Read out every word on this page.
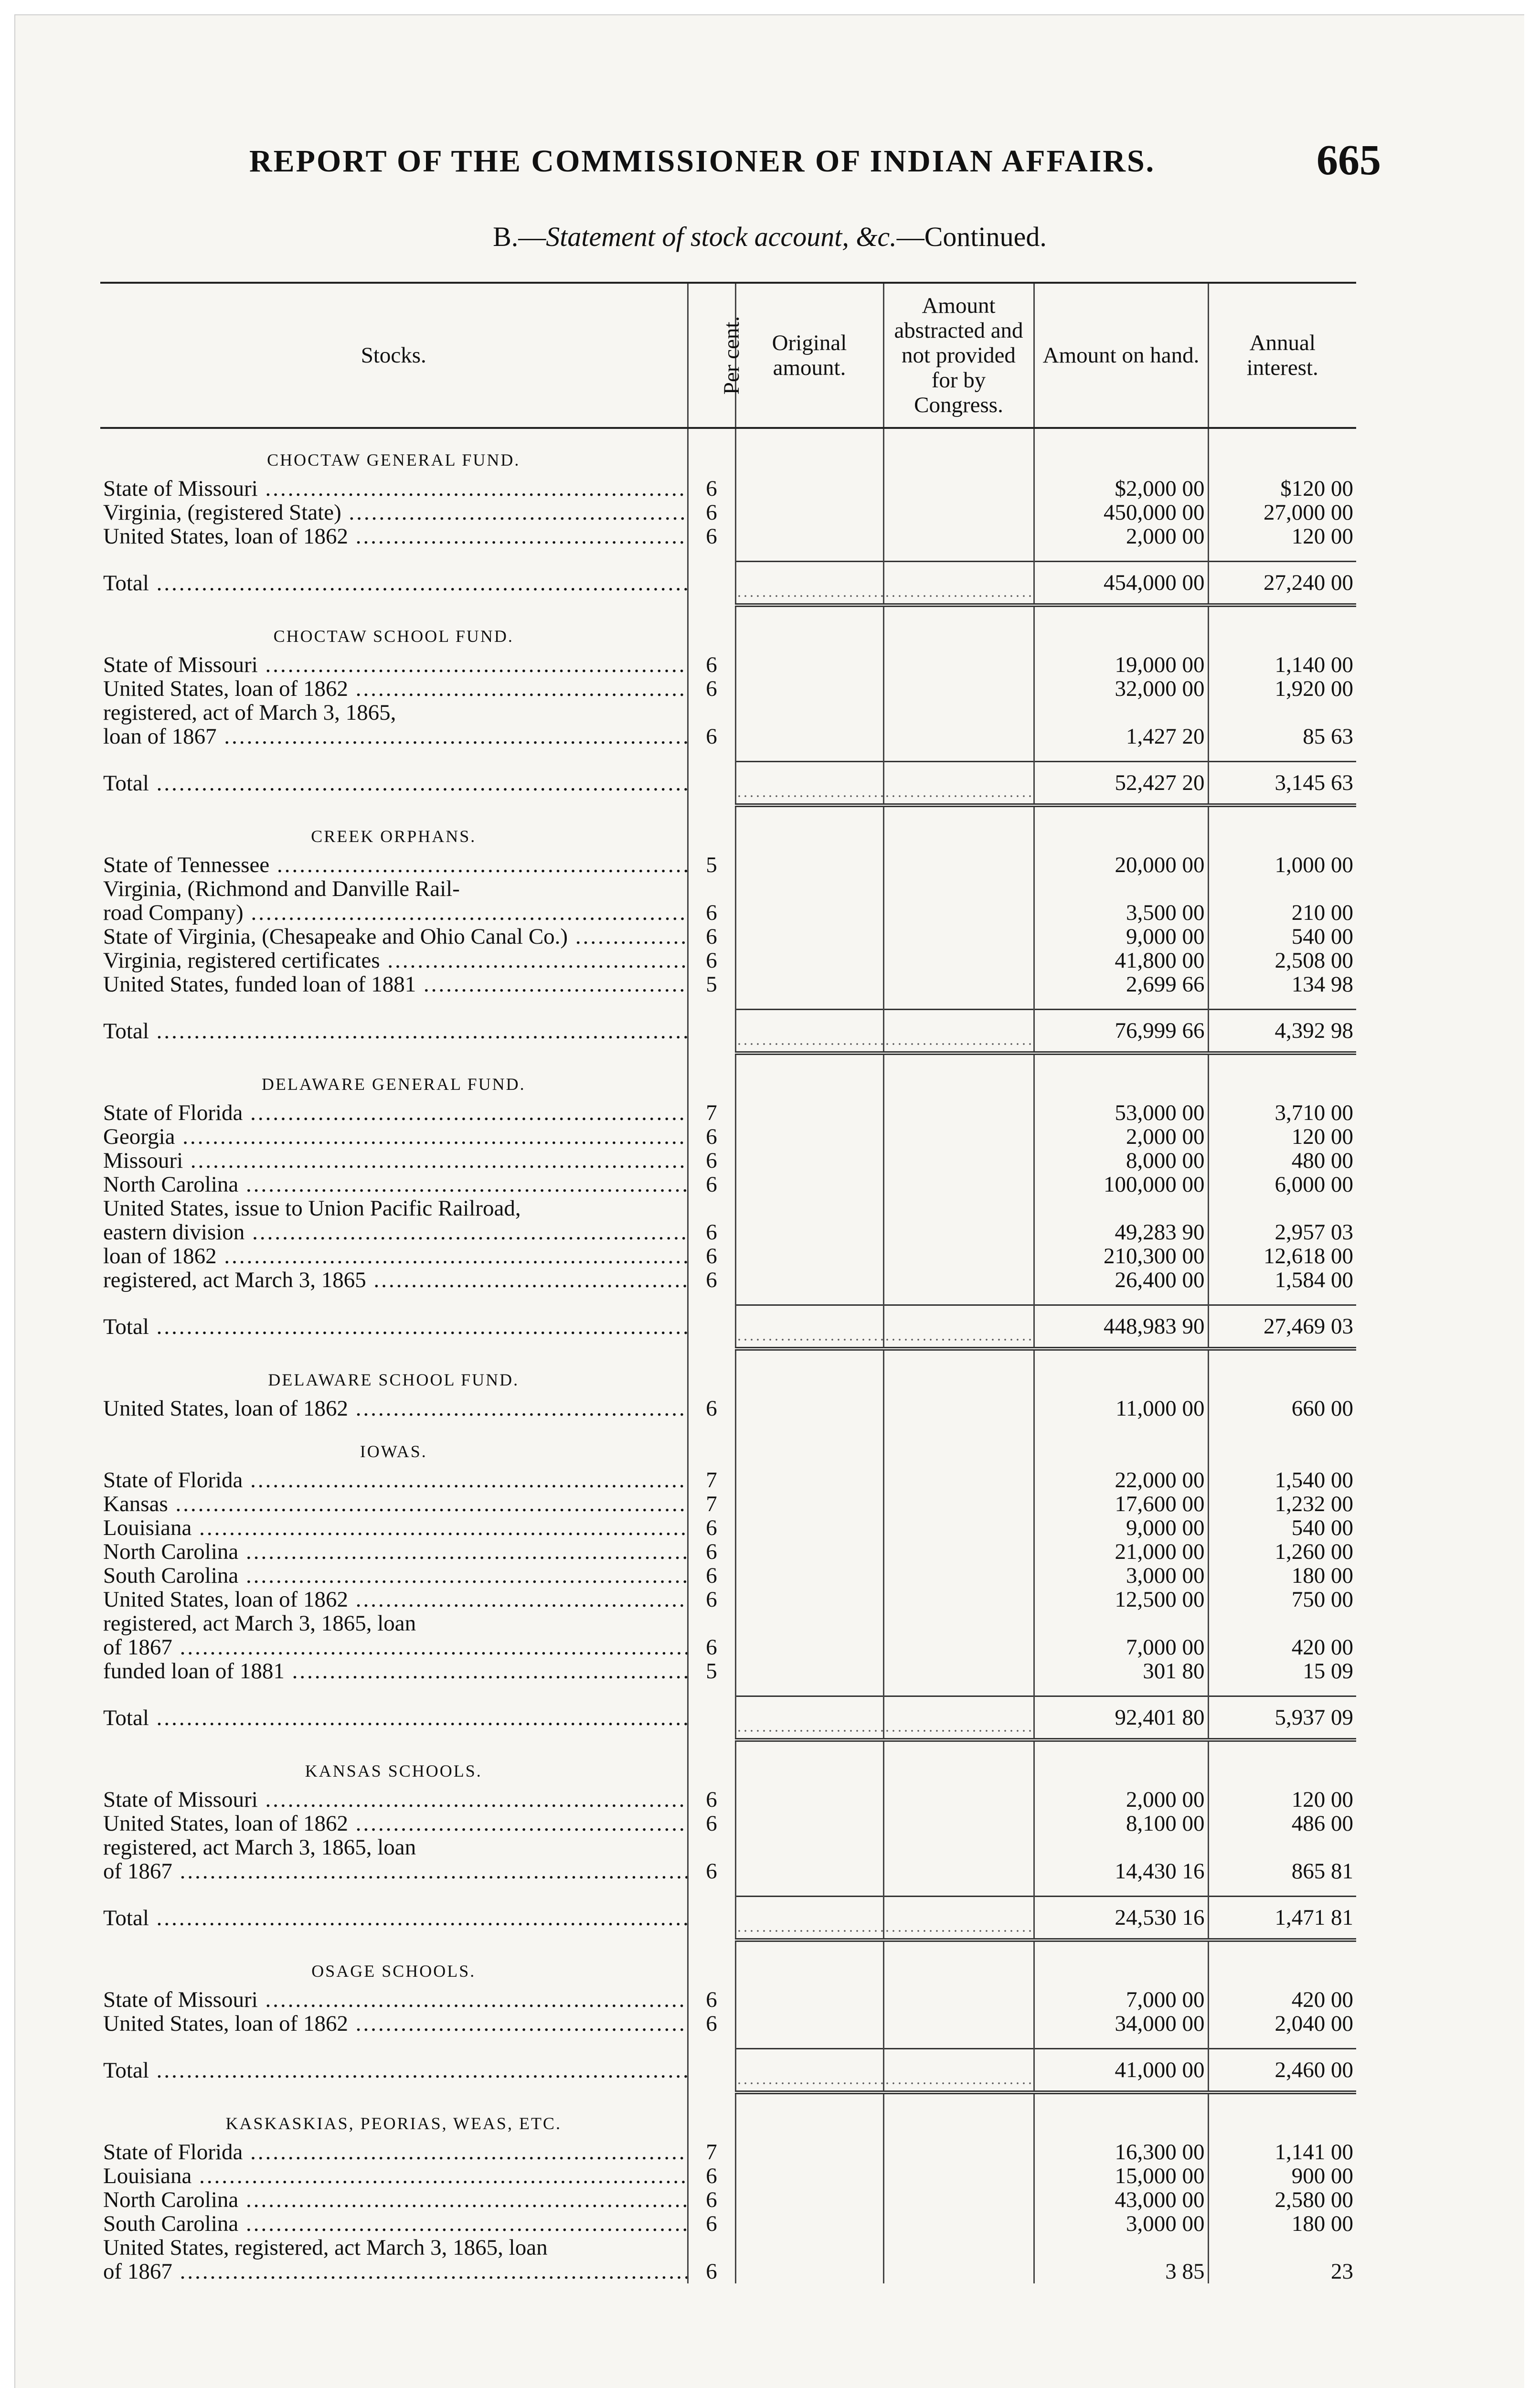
REPORT OF THE COMMISSIONER OF INDIAN AFFAIRS.	665
B.—Statement of stock account, &c.—Continued.
Stocks.	Per cent.	Original amount.	Amount abstracted and not provided for by Congress.	Amount on hand.	Annual interest.
CHOCTAW GENERAL FUND.					
State of Missouri .....	6			$2,000 00	$120 00
Virginia, (registered State) .....	6			450,000 00	27,000 00
United States, loan of 1862 .....	6			2,000 00	120 00

Total .....				454,000 00	27,240 00
CHOCTAW SCHOOL FUND.					
State of Missouri .....	6			19,000 00	1,140 00
United States, loan of 1862 .....	6			32,000 00	1,920 00
registered, act of March 3, 1865,					
loan of 1867 .....	6			1,427 20	85 63

Total .....				52,427 20	3,145 63
CREEK ORPHANS.					
State of Tennessee .....	5			20,000 00	1,000 00
Virginia, (Richmond and Danville Rail-					
road Company) .....	6			3,500 00	210 00
State of Virginia, (Chesapeake and Ohio Canal Co.) .....	6			9,000 00	540 00
Virginia, registered certificates .....	6			41,800 00	2,508 00
United States, funded loan of 1881 .....	5			2,699 66	134 98

Total .....				76,999 66	4,392 98
DELAWARE GENERAL FUND.					
State of Florida .....	7			53,000 00	3,710 00
Georgia .....	6			2,000 00	120 00
Missouri .....	6			8,000 00	480 00
North Carolina .....	6			100,000 00	6,000 00
United States, issue to Union Pacific Railroad,					
eastern division .....	6			49,283 90	2,957 03
loan of 1862 .....	6			210,300 00	12,618 00
registered, act March 3, 1865 .....	6			26,400 00	1,584 00

Total .....				448,983 90	27,469 03
DELAWARE SCHOOL FUND.					
United States, loan of 1862 .....	6			11,000 00	660 00
IOWAS.					
State of Florida .....	7			22,000 00	1,540 00
Kansas .....	7			17,600 00	1,232 00
Louisiana .....	6			9,000 00	540 00
North Carolina .....	6			21,000 00	1,260 00
South Carolina .....	6			3,000 00	180 00
United States, loan of 1862 .....	6			12,500 00	750 00
registered, act March 3, 1865, loan					
of 1867 .....	6			7,000 00	420 00
funded loan of 1881 .....	5			301 80	15 09

Total .....				92,401 80	5,937 09
KANSAS SCHOOLS.					
State of Missouri .....	6			2,000 00	120 00
United States, loan of 1862 .....	6			8,100 00	486 00
registered, act March 3, 1865, loan					
of 1867 .....	6			14,430 16	865 81

Total .....				24,530 16	1,471 81
OSAGE SCHOOLS.					
State of Missouri .....	6			7,000 00	420 00
United States, loan of 1862 .....	6			34,000 00	2,040 00

Total .....				41,000 00	2,460 00
KASKASKIAS, PEORIAS, WEAS, ETC.					
State of Florida .....	7			16,300 00	1,141 00
Louisiana .....	6			15,000 00	900 00
North Carolina .....	6			43,000 00	2,580 00
South Carolina .....	6			3,000 00	180 00
United States, registered, act March 3, 1865, loan					
of 1867 .....	6			3 85	23
